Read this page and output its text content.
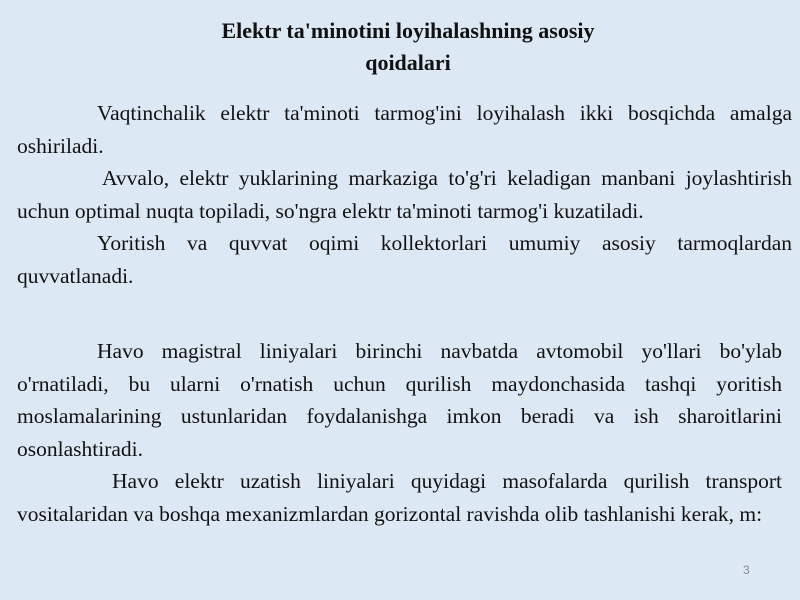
Elektr ta'minotini loyihalashning asosiy
qoidalari

Vaqtinchalik elektr ta'minoti tarmog'ini loyihalash ikki bosqichda amalga oshiriladi.

Avvalo, elektr yuklarining markaziga to'g'ri keladigan manbani joylashtirish uchun optimal nuqta topiladi, so'ngra elektr ta'minoti tarmog'i kuzatiladi.

Yoritish va quvvat oqimi kollektorlari umumiy asosiy tarmoqlardan quvvatlanadi.

Havo magistral liniyalari birinchi navbatda avtomobil yo'llari bo'ylab o'rnatiladi, bu ularni o'rnatish uchun qurilish maydonchasida tashqi yoritish moslamalarining ustunlaridan foydalanishga imkon beradi va ish sharoitlarini osonlashtiradi.

Havo elektr uzatish liniyalari quyidagi masofalarda qurilish transport vositalaridan va boshqa mexanizmlardan gorizontal ravishda olib tashlanishi kerak, m:

3
